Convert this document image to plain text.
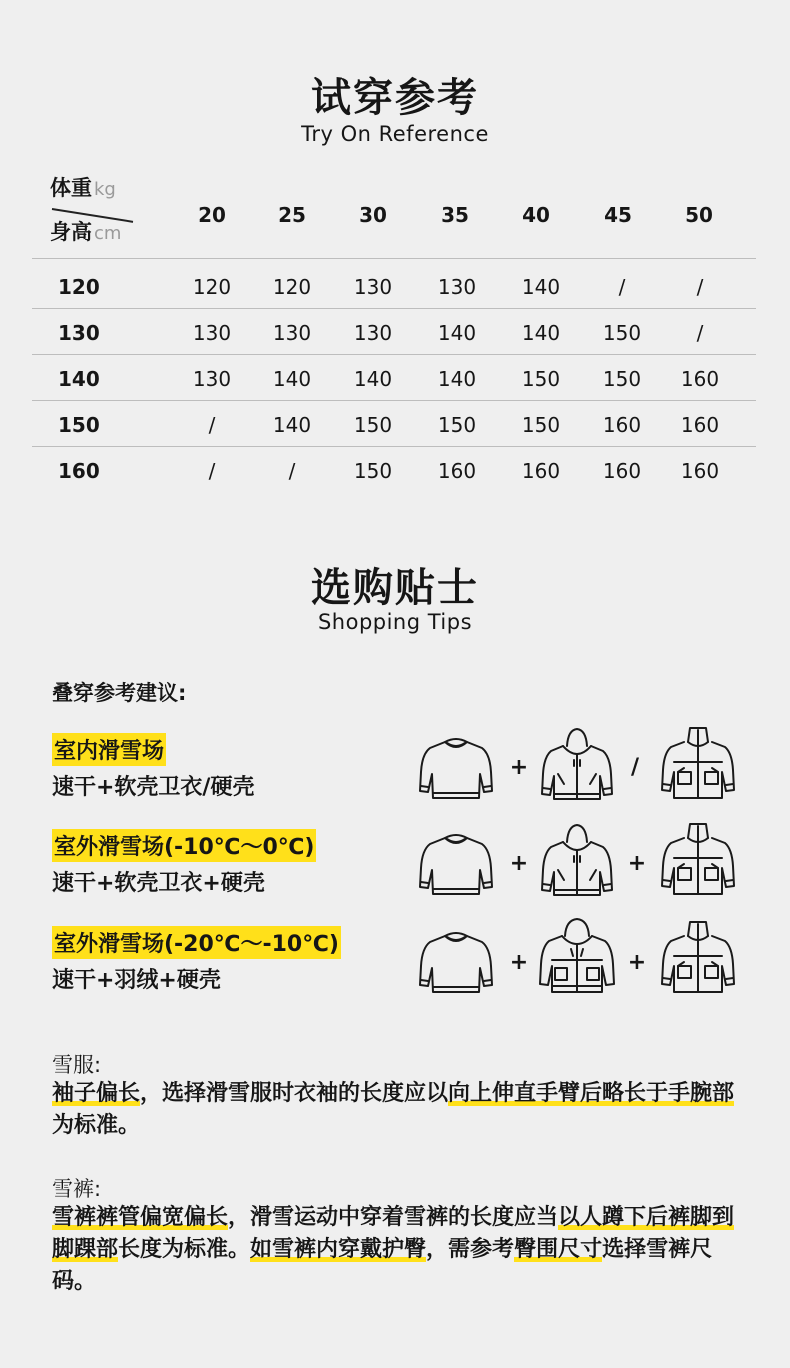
试穿参考
Try On Reference
体重 kg
身高 cm
20	25	30	35	40	45	50
120	120	120	130	130	140	/	/
130	130	130	130	140	140	150	/
140	130	140	140	140	150	150	160
150	/	140	150	150	150	160	160
160	/	/	150	160	160	160	160
选购贴士
Shopping Tips
叠穿参考建议:
室内滑雪场
速干+软壳卫衣/硬壳
+	/
室外滑雪场(-10℃～0℃)
速干+软壳卫衣+硬壳
+	+
室外滑雪场(-20℃～-10℃)
速干+羽绒+硬壳
+	+
雪服:
袖子偏长，选择滑雪服时衣袖的长度应以向上伸直手臂后略长于手腕部为标准。
雪裤:
雪裤裤管偏宽偏长，滑雪运动中穿着雪裤的长度应当以人蹲下后裤脚到脚踝部长度为标准。如雪裤内穿戴护臀，需参考臀围尺寸选择雪裤尺码。
